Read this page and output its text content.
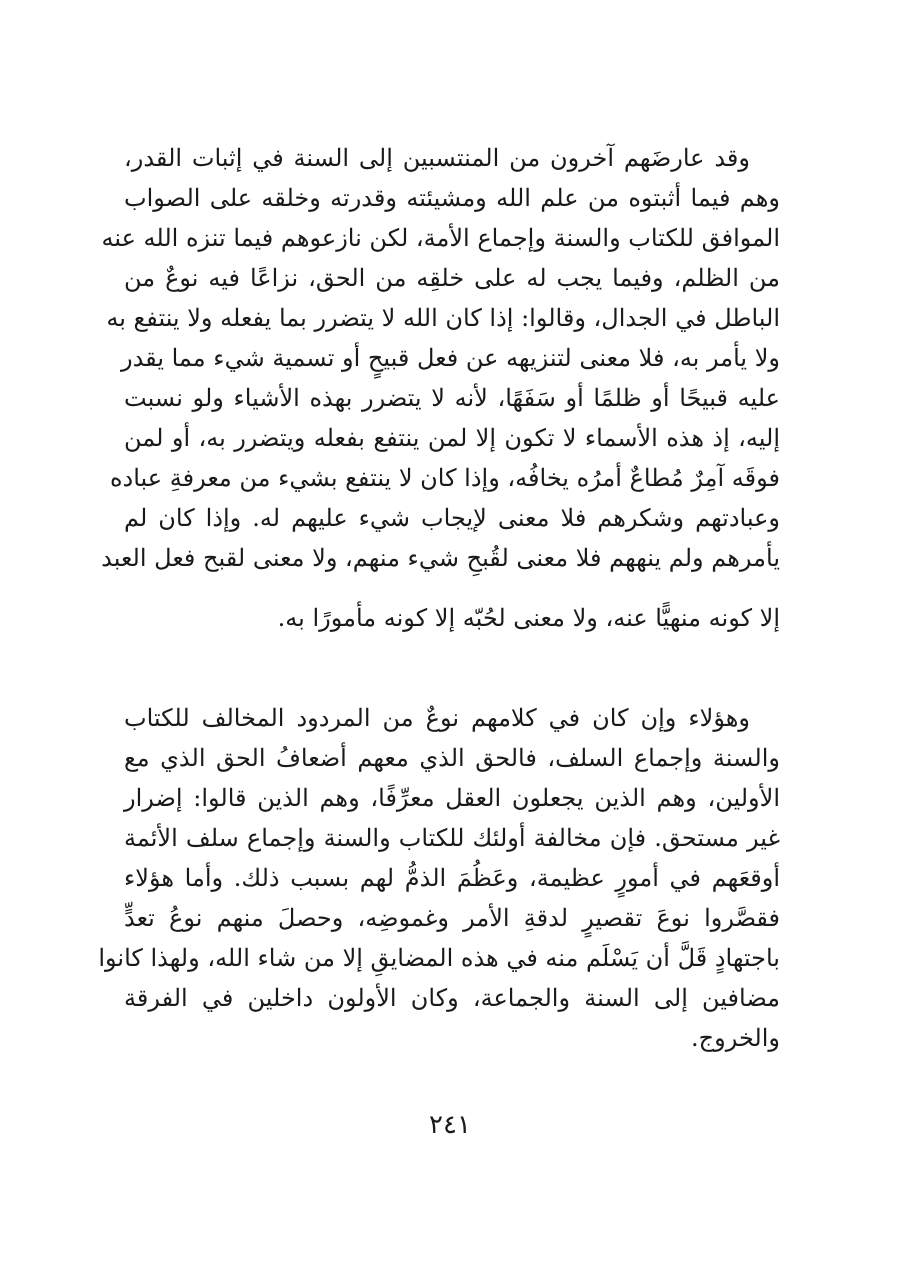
وقد عارضَهم آخرون من المنتسبين إلى السنة في إثبات القدر،
وهم فيما أثبتوه من علم الله ومشيئته وقدرته وخلقه على الصواب
الموافق للكتاب والسنة وإجماع الأمة، لكن نازعوهم فيما تنزه الله عنه
من الظلم، وفيما يجب له على خلقِه من الحق، نزاعًا فيه نوعٌ من
الباطل في الجدال، وقالوا: إذا كان الله لا يتضرر بما يفعله ولا ينتفع به
ولا يأمر به، فلا معنى لتنزيهه عن فعل قبيحٍ أو تسمية شيء مما يقدر
عليه قبيحًا أو ظلمًا أو سَفَهًا، لأنه لا يتضرر بهذه الأشياء ولو نسبت
إليه، إذ هذه الأسماء لا تكون إلا لمن ينتفع بفعله ويتضرر به، أو لمن
فوقَه آمِرٌ مُطاعٌ أمرُه يخافُه، وإذا كان لا ينتفع بشيء من معرفةِ عباده
وعبادتهم وشكرهم فلا معنى لإيجاب شيء عليهم له. وإذا كان لم
يأمرهم ولم ينههم فلا معنى لقُبحِ شيء منهم، ولا معنى لقبح فعل العبد
إلا كونه منهيًّا عنه، ولا معنى لحُبّه إلا كونه مأمورًا به.
وهؤلاء وإن كان في كلامهم نوعٌ من المردود المخالف للكتاب
والسنة وإجماع السلف، فالحق الذي معهم أضعافُ الحق الذي مع
الأولين، وهم الذين يجعلون العقل معرِّفًا، وهم الذين قالوا: إضرار
غير مستحق. فإن مخالفة أولئك للكتاب والسنة وإجماع سلف الأئمة
أوقعَهم في أمورٍ عظيمة، وعَظُمَ الذمُّ لهم بسبب ذلك. وأما هؤلاء
فقصَّروا نوعَ تقصيرٍ لدقةِ الأمر وغموضِه، وحصلَ منهم نوعُ تعدٍّ
باجتهادٍ قَلَّ أن يَسْلَم منه في هذه المضايقِ إلا من شاء الله، ولهذا كانوا
مضافين إلى السنة والجماعة، وكان الأولون داخلين في الفرقة
والخروج.
٢٤١
